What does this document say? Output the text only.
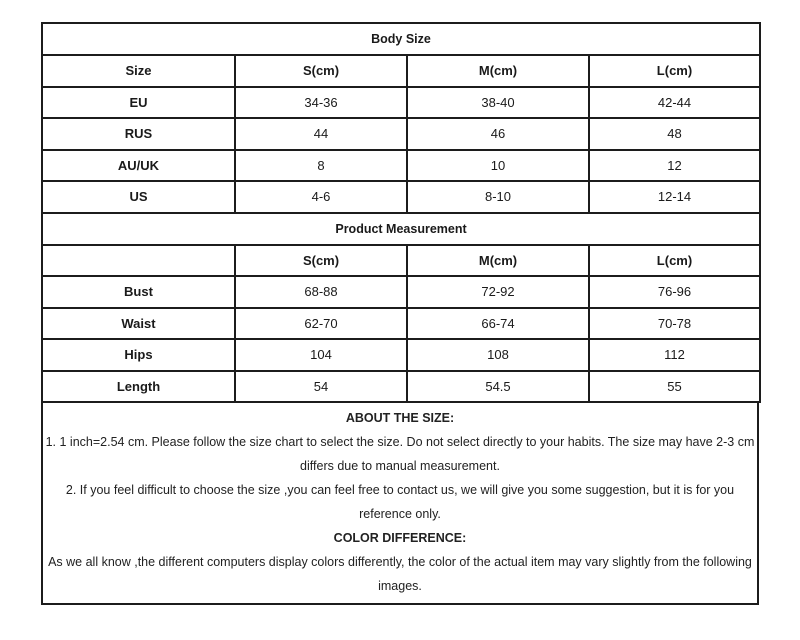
Body Size			
Size	S(cm)	M(cm)	L(cm)
EU	34-36	38-40	42-44
RUS	44	46	48
AU/UK	8	10	12
US	4-6	8-10	12-14
Product Measurement			
	S(cm)	M(cm)	L(cm)
Bust	68-88	72-92	76-96
Waist	62-70	66-74	70-78
Hips	104	108	112
Length	54	54.5	55

ABOUT THE SIZE:

1. 1 inch=2.54 cm. Please follow the size chart to select the size. Do not select directly to your habits. The size may have 2-3 cm differs due to manual measurement.

2. If you feel difficult to choose the size ,you can feel free to contact us, we will give you some suggestion, but it is for you reference only.

COLOR DIFFERENCE:

As we all know ,the different computers display colors differently, the color of the actual item may vary slightly from the following images.
